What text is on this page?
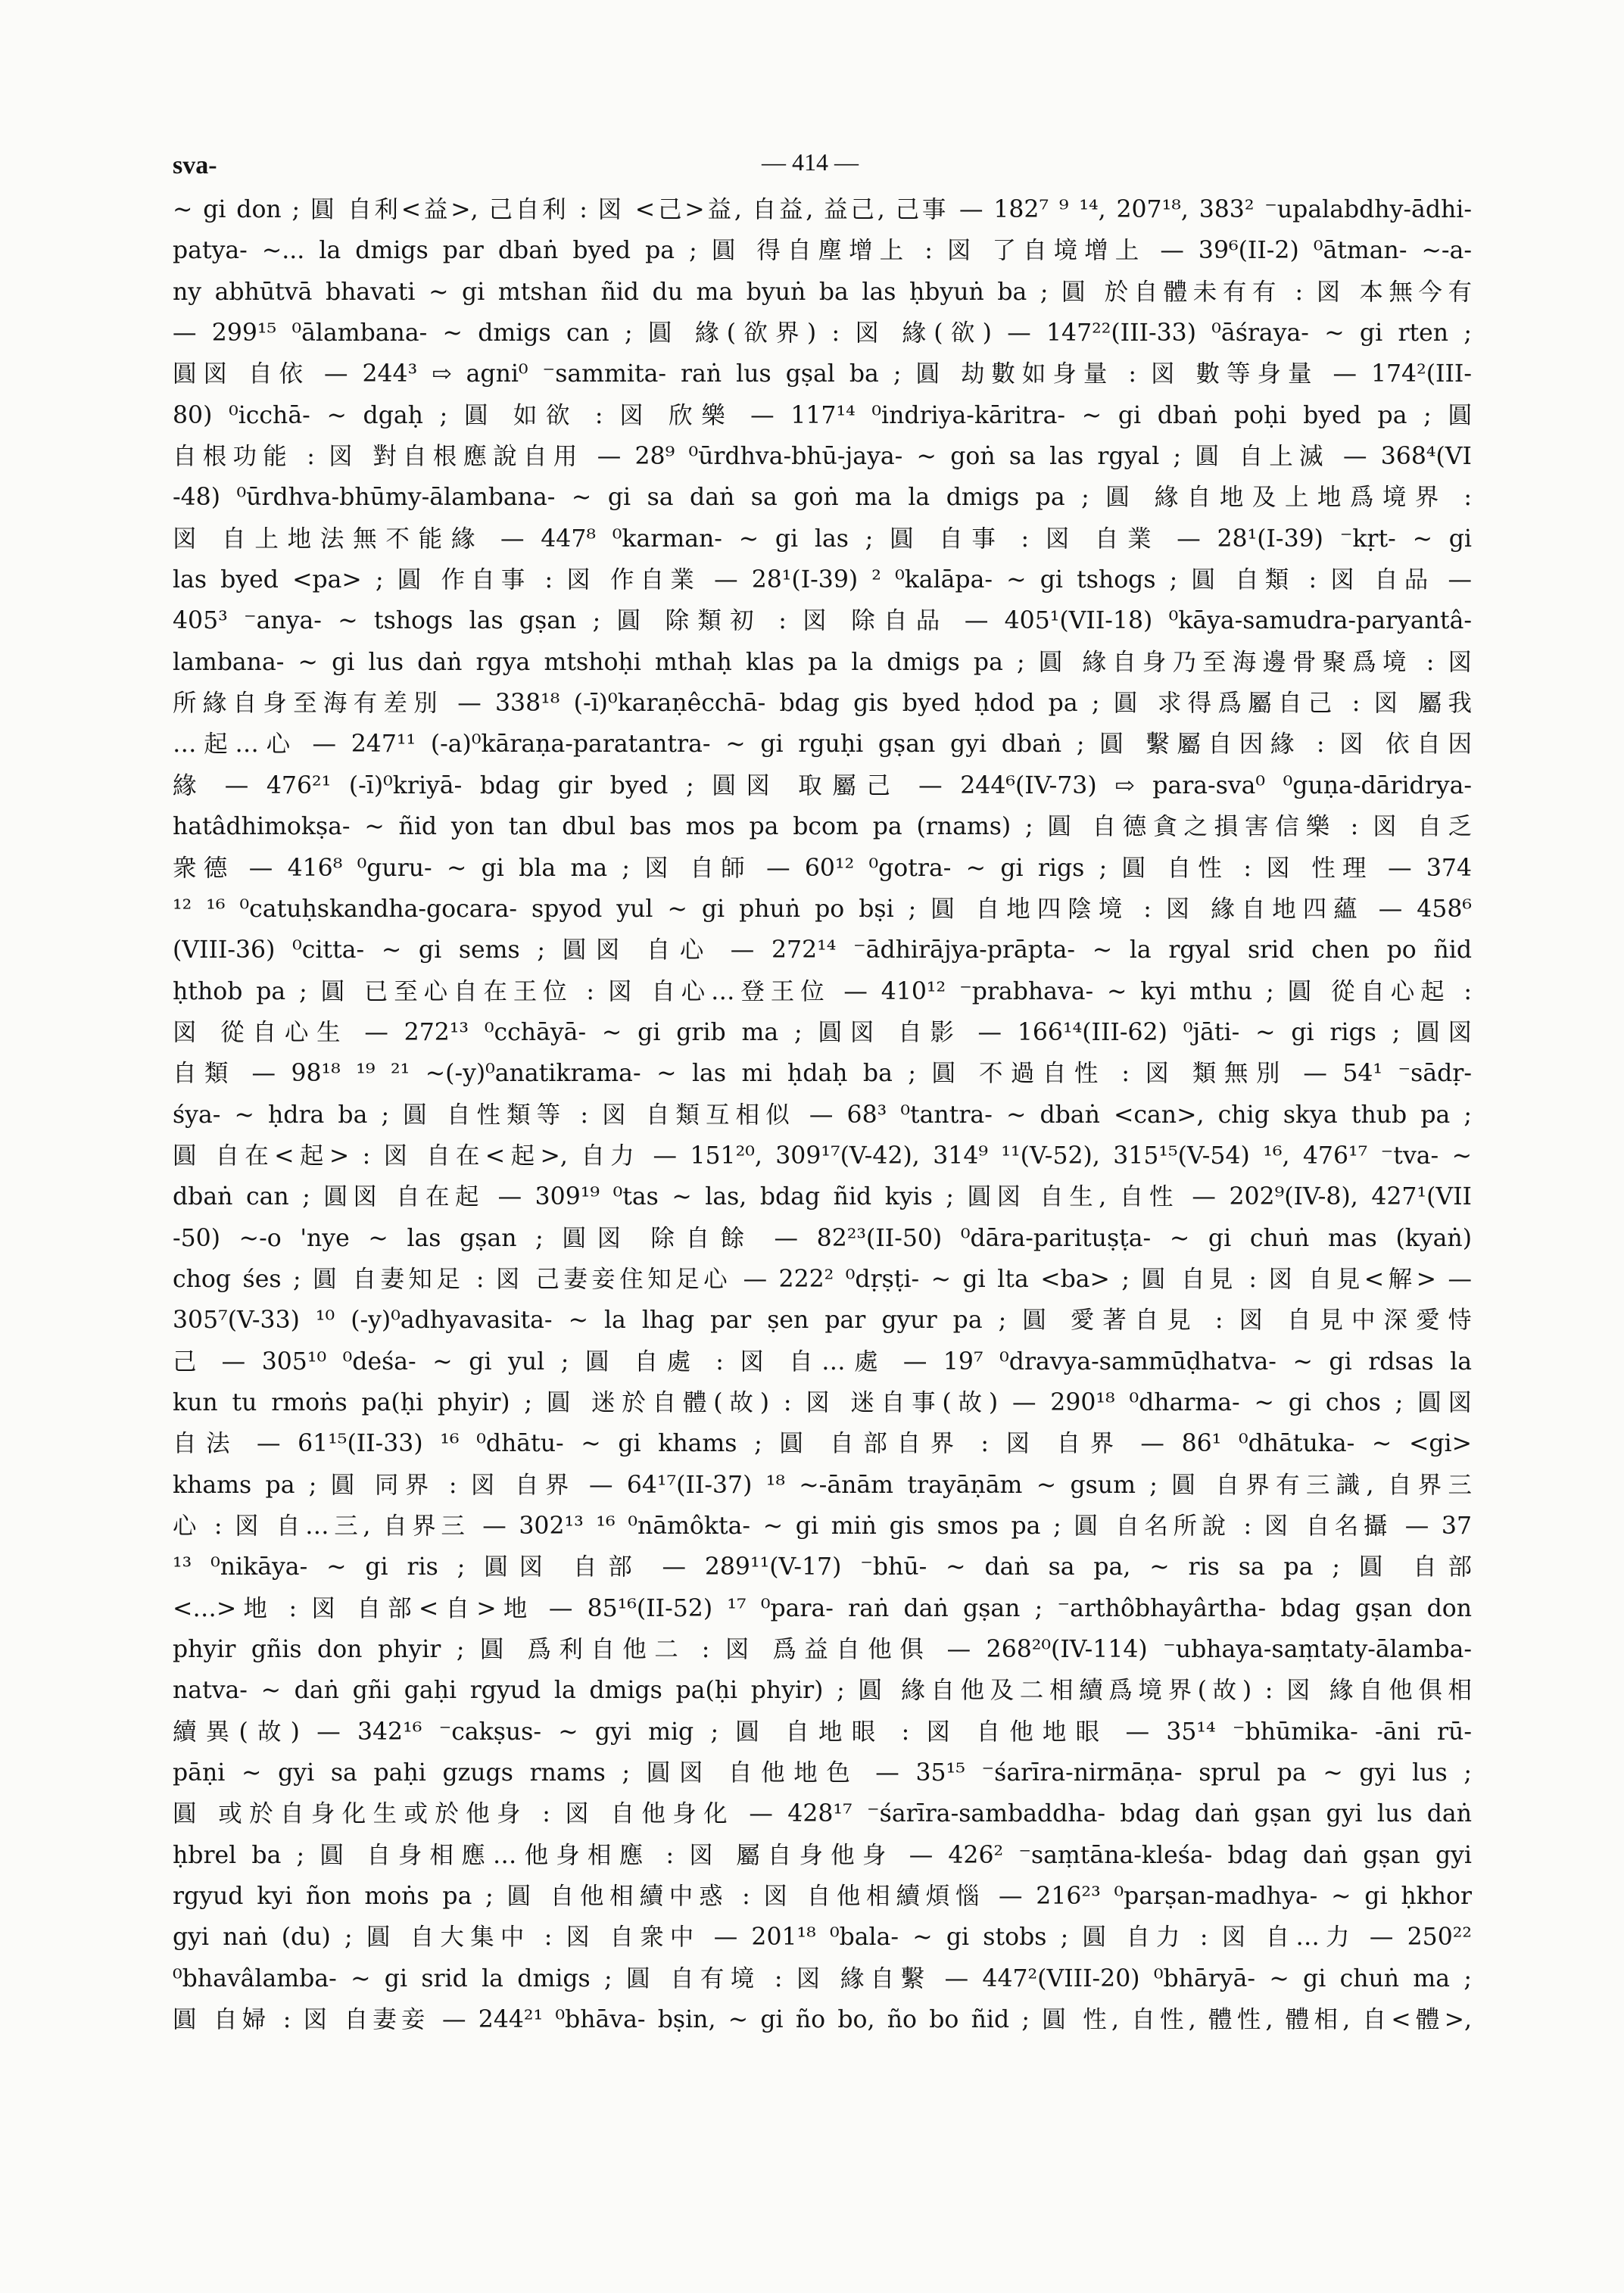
sva-	— 414 —
~ gi don ; 圓 自利<益>, 己自利 : 図 <己>益, 自益, 益己, 己事 — 182⁷ ⁹ ¹⁴, 207¹⁸, 383² ⁻upalabdhy-ādhi-
patya- ~... la dmigs par dbaṅ byed pa ; 圓 得自塵增上 : 図 了自境增上 — 39⁶(II-2) ⁰ātman- ~-a-
ny abhūtvā bhavati ~ gi mtshan ñid du ma byuṅ ba las ḥbyuṅ ba ; 圓 於自體未有有 : 図 本無今有
— 299¹⁵ ⁰ālambana- ~ dmigs can ; 圓 緣(欲界) : 図 緣(欲) — 147²²(III-33) ⁰āśraya- ~ gi rten ;
圓図 自依 — 244³ ⇨ agni⁰ ⁻sammita- raṅ lus gṣal ba ; 圓 劫數如身量 : 図 數等身量 — 174²(III-
80) ⁰icchā- ~ dgaḥ ; 圓 如欲 : 図 欣樂 — 117¹⁴ ⁰indriya-kāritra- ~ gi dbaṅ poḥi byed pa ; 圓
自根功能 : 図 對自根應說自用 — 28⁹ ⁰ūrdhva-bhū-jaya- ~ goṅ sa las rgyal ; 圓 自上滅 — 368⁴(VI
-48) ⁰ūrdhva-bhūmy-ālambana- ~ gi sa daṅ sa goṅ ma la dmigs pa ; 圓 緣自地及上地爲境界 :
図 自上地法無不能緣 — 447⁸ ⁰karman- ~ gi las ; 圓 自事 : 図 自業 — 28¹(I-39) ⁻kṛt- ~ gi
las byed <pa> ; 圓 作自事 : 図 作自業 — 28¹(I-39) ² ⁰kalāpa- ~ gi tshogs ; 圓 自類 : 図 自品 —
405³ ⁻anya- ~ tshogs las gṣan ; 圓 除類初 : 図 除自品 — 405¹(VII-18) ⁰kāya-samudra-paryantâ-
lambana- ~ gi lus daṅ rgya mtshoḥi mthaḥ klas pa la dmigs pa ; 圓 緣自身乃至海邊骨聚爲境 : 図
所緣自身至海有差別 — 338¹⁸ (-ī)⁰karaṇêcchā- bdag gis byed ḥdod pa ; 圓 求得爲屬自己 : 図 屬我
…起…心 — 247¹¹ (-a)⁰kāraṇa-paratantra- ~ gi rguḥi gṣan gyi dbaṅ ; 圓 繫屬自因緣 : 図 依自因
緣 — 476²¹ (-ī)⁰kriyā- bdag gir byed ; 圓図 取屬己 — 244⁶(IV-73) ⇨ para-sva⁰ ⁰guṇa-dāridrya-
hatâdhimokṣa- ~ ñid yon tan dbul bas mos pa bcom pa (rnams) ; 圓 自德貪之損害信樂 : 図 自乏
衆德 — 416⁸ ⁰guru- ~ gi bla ma ; 図 自師 — 60¹² ⁰gotra- ~ gi rigs ; 圓 自性 : 図 性理 — 374
¹² ¹⁶ ⁰catuḥskandha-gocara- spyod yul ~ gi phuṅ po bṣi ; 圓 自地四陰境 : 図 緣自地四蘊 — 458⁶
(VIII-36) ⁰citta- ~ gi sems ; 圓図 自心 — 272¹⁴ ⁻ādhirājya-prāpta- ~ la rgyal srid chen po ñid
ḥthob pa ; 圓 已至心自在王位 : 図 自心…登王位 — 410¹² ⁻prabhava- ~ kyi mthu ; 圓 從自心起 :
図 從自心生 — 272¹³ ⁰cchāyā- ~ gi grib ma ; 圓図 自影 — 166¹⁴(III-62) ⁰jāti- ~ gi rigs ; 圓図
自類 — 98¹⁸ ¹⁹ ²¹ ~(-y)⁰anatikrama- ~ las mi ḥdaḥ ba ; 圓 不過自性 : 図 類無別 — 54¹ ⁻sādṛ-
śya- ~ ḥdra ba ; 圓 自性類等 : 図 自類互相似 — 68³ ⁰tantra- ~ dbaṅ <can>, chig skya thub pa ;
圓 自在<起> : 図 自在<起>, 自力 — 151²⁰, 309¹⁷(V-42), 314⁹ ¹¹(V-52), 315¹⁵(V-54) ¹⁶, 476¹⁷ ⁻tva- ~
dbaṅ can ; 圓図 自在起 — 309¹⁹ ⁰tas ~ las, bdag ñid kyis ; 圓図 自生, 自性 — 202⁹(IV-8), 427¹(VII
-50) ~-o 'nye ~ las gṣan ; 圓図 除自餘 — 82²³(II-50) ⁰dāra-parituṣṭa- ~ gi chuṅ mas (kyaṅ)
chog śes ; 圓 自妻知足 : 図 己妻妾住知足心 — 222² ⁰dṛṣṭi- ~ gi lta <ba> ; 圓 自見 : 図 自見<解> —
305⁷(V-33) ¹⁰ (-y)⁰adhyavasita- ~ la lhag par ṣen par gyur pa ; 圓 愛著自見 : 図 自見中深愛恃
己 — 305¹⁰ ⁰deśa- ~ gi yul ; 圓 自處 : 図 自…處 — 19⁷ ⁰dravya-sammūḍhatva- ~ gi rdsas la
kun tu rmoṅs pa(ḥi phyir) ; 圓 迷於自體(故) : 図 迷自事(故) — 290¹⁸ ⁰dharma- ~ gi chos ; 圓図
自法 — 61¹⁵(II-33) ¹⁶ ⁰dhātu- ~ gi khams ; 圓 自部自界 : 図 自界 — 86¹ ⁰dhātuka- ~ <gi>
khams pa ; 圓 同界 : 図 自界 — 64¹⁷(II-37) ¹⁸ ~-ānām trayāṇām ~ gsum ; 圓 自界有三識, 自界三
心 : 図 自…三, 自界三 — 302¹³ ¹⁶ ⁰nāmôkta- ~ gi miṅ gis smos pa ; 圓 自名所說 : 図 自名攝 — 37
¹³ ⁰nikāya- ~ gi ris ; 圓図 自部 — 289¹¹(V-17) ⁻bhū- ~ daṅ sa pa, ~ ris sa pa ; 圓 自部
<…>地 : 図 自部<自>地 — 85¹⁶(II-52) ¹⁷ ⁰para- raṅ daṅ gṣan ; ⁻arthôbhayârtha- bdag gṣan don
phyir gñis don phyir ; 圓 爲利自他二 : 図 爲益自他俱 — 268²⁰(IV-114) ⁻ubhaya-saṃtaty-ālamba-
natva- ~ daṅ gñi gaḥi rgyud la dmigs pa(ḥi phyir) ; 圓 緣自他及二相續爲境界(故) : 図 緣自他俱相
續異(故) — 342¹⁶ ⁻cakṣus- ~ gyi mig ; 圓 自地眼 : 図 自他地眼 — 35¹⁴ ⁻bhūmika- -āni rū-
pāṇi ~ gyi sa paḥi gzugs rnams ; 圓図 自他地色 — 35¹⁵ ⁻śarīra-nirmāṇa- sprul pa ~ gyi lus ;
圓 或於自身化生或於他身 : 図 自他身化 — 428¹⁷ ⁻śarīra-sambaddha- bdag daṅ gṣan gyi lus daṅ
ḥbrel ba ; 圓 自身相應…他身相應 : 図 屬自身他身 — 426² ⁻saṃtāna-kleśa- bdag daṅ gṣan gyi
rgyud kyi ñon moṅs pa ; 圓 自他相續中惑 : 図 自他相續煩惱 — 216²³ ⁰parṣan-madhya- ~ gi ḥkhor
gyi naṅ (du) ; 圓 自大集中 : 図 自衆中 — 201¹⁸ ⁰bala- ~ gi stobs ; 圓 自力 : 図 自…力 — 250²²
⁰bhavâlamba- ~ gi srid la dmigs ; 圓 自有境 : 図 緣自繫 — 447²(VIII-20) ⁰bhāryā- ~ gi chuṅ ma ;
圓 自婦 : 図 自妻妾 — 244²¹ ⁰bhāva- bṣin, ~ gi ño bo, ño bo ñid ; 圓 性, 自性, 體性, 體相, 自<體>,
